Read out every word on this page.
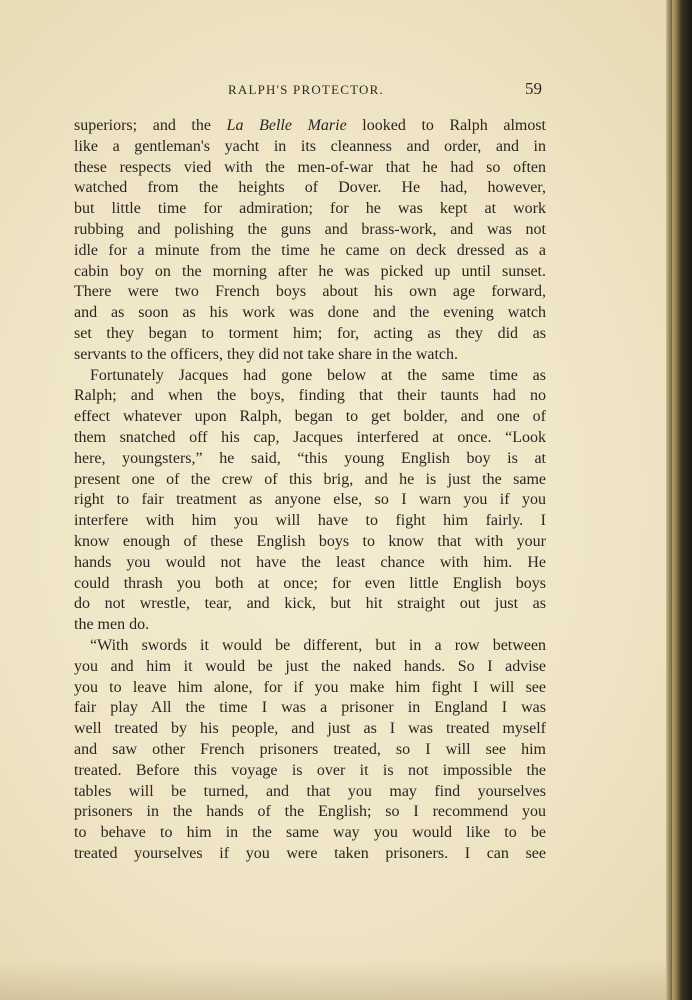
RALPH'S PROTECTOR.	59
superiors; and the La Belle Marie looked to Ralph almost
like a gentleman's yacht in its cleanness and order, and in
these respects vied with the men-of-war that he had so often
watched from the heights of Dover. He had, however,
but little time for admiration; for he was kept at work
rubbing and polishing the guns and brass-work, and was not
idle for a minute from the time he came on deck dressed as a
cabin boy on the morning after he was picked up until sunset.
There were two French boys about his own age forward,
and as soon as his work was done and the evening watch
set they began to torment him; for, acting as they did as
servants to the officers, they did not take share in the watch.
Fortunately Jacques had gone below at the same time as
Ralph; and when the boys, finding that their taunts had no
effect whatever upon Ralph, began to get bolder, and one of
them snatched off his cap, Jacques interfered at once. “Look
here, youngsters,” he said, “this young English boy is at
present one of the crew of this brig, and he is just the same
right to fair treatment as anyone else, so I warn you if you
interfere with him you will have to fight him fairly. I
know enough of these English boys to know that with your
hands you would not have the least chance with him. He
could thrash you both at once; for even little English boys
do not wrestle, tear, and kick, but hit straight out just as
the men do.
“With swords it would be different, but in a row between
you and him it would be just the naked hands. So I advise
you to leave him alone, for if you make him fight I will see
fair play All the time I was a prisoner in England I was
well treated by his people, and just as I was treated myself
and saw other French prisoners treated, so I will see him
treated. Before this voyage is over it is not impossible the
tables will be turned, and that you may find yourselves
prisoners in the hands of the English; so I recommend you
to behave to him in the same way you would like to be
treated yourselves if you were taken prisoners. I can see
